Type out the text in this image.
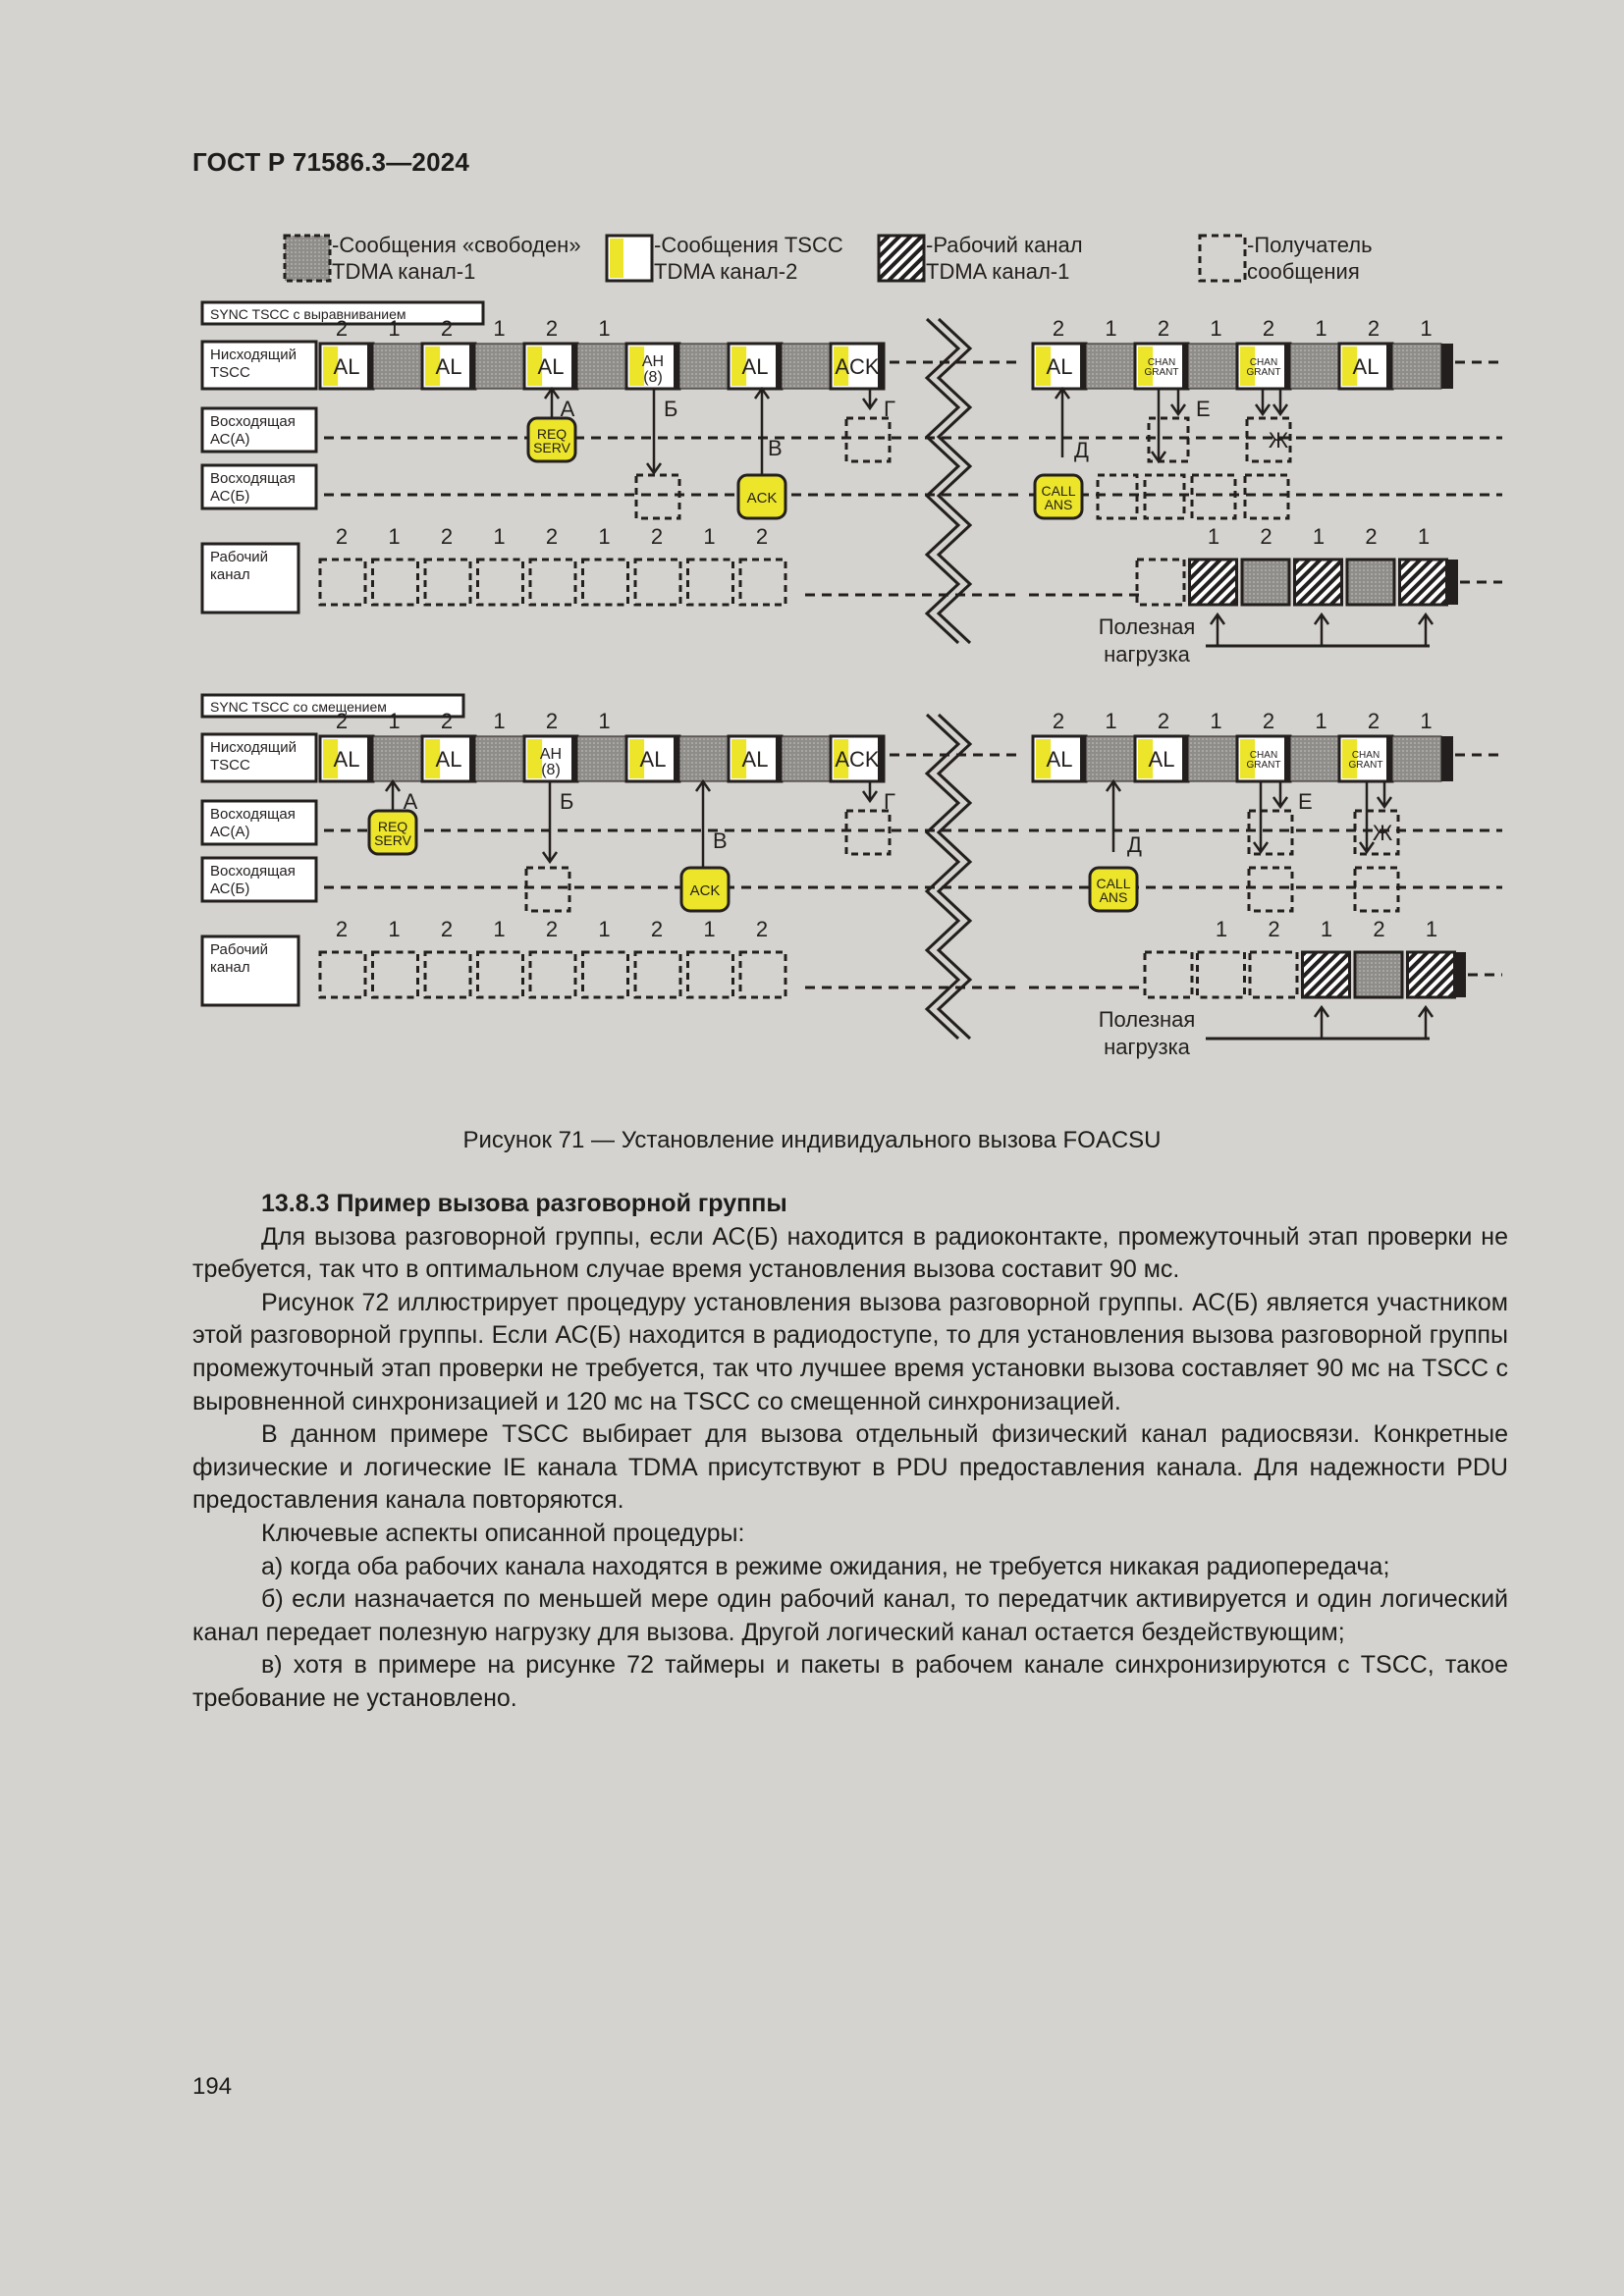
ГОСТ Р 71586.3—2024
-Сообщения «свободен»
TDMA канал-1
-Сообщения TSCC
TDMA канал-2
-Рабочий канал
TDMA канал-1
-Получатель
сообщения
SYNC TSCC с выравниванием
Нисходящий
TSCC
Восходящая
АС(А)
Восходящая
АС(Б)
Рабочий
канал
AL	AL	AL	AH (8)	AL	ACK
2 1 2 1 2 1
AL	CHAN GRANT
CHAN GRANT	AL
2 1 2 1 2 1 2 1
REQ SERV
А	Б
ACK
В
Г
CALL ANS
Д
Е
Ж
2 1 2 1 2 1 2 1 2	1 2 1 2 1
Полезная
нагрузка
SYNC TSCC со смещением
Нисходящий
TSCC
Восходящая
АС(А)
Восходящая
АС(Б)
Рабочий
канал
AL	AL	AH (8)	AL	AL	ACK
2 1 2 1 2 1
AL	AL	CHAN GRANT
CHAN GRANT
2 1 2 1 2 1 2 1
REQ SERV
А	Б
ACK
В
Г
CALL ANS
Д
Е
Ж
2 1 2 1 2 1 2 1 2	1 2 1 2 1
Полезная
нагрузка
Рисунок 71 — Установление индивидуального вызова FOACSU

13.8.3 Пример вызова разговорной группы

Для вызова разговорной группы, если АС(Б) находится в радиоконтакте, промежуточный этап проверки не требуется, так что в оптимальном случае время установления вызова составит 90 мс.

Рисунок 72 иллюстрирует процедуру установления вызова разговорной группы. АС(Б) является участником этой разговорной группы. Если АС(Б) находится в радиодоступе, то для установления вызова разговорной группы промежуточный этап проверки не требуется, так что лучшее время установки вызова составляет 90 мс на TSCC с выровненной синхронизацией и 120 мс на TSCC со смещенной синхронизацией.

В данном примере TSCC выбирает для вызова отдельный физический канал радиосвязи. Конкретные физические и логические IE канала TDMA присутствуют в PDU предоставления канала. Для надежности PDU предоставления канала повторяются.

Ключевые аспекты описанной процедуры:

а) когда оба рабочих канала находятся в режиме ожидания, не требуется никакая радиопередача;

б) если назначается по меньшей мере один рабочий канал, то передатчик активируется и один логический канал передает полезную нагрузку для вызова. Другой логический канал остается бездействующим;

в) хотя в примере на рисунке 72 таймеры и пакеты в рабочем канале синхронизируются с TSCC, такое требование не установлено.

194
